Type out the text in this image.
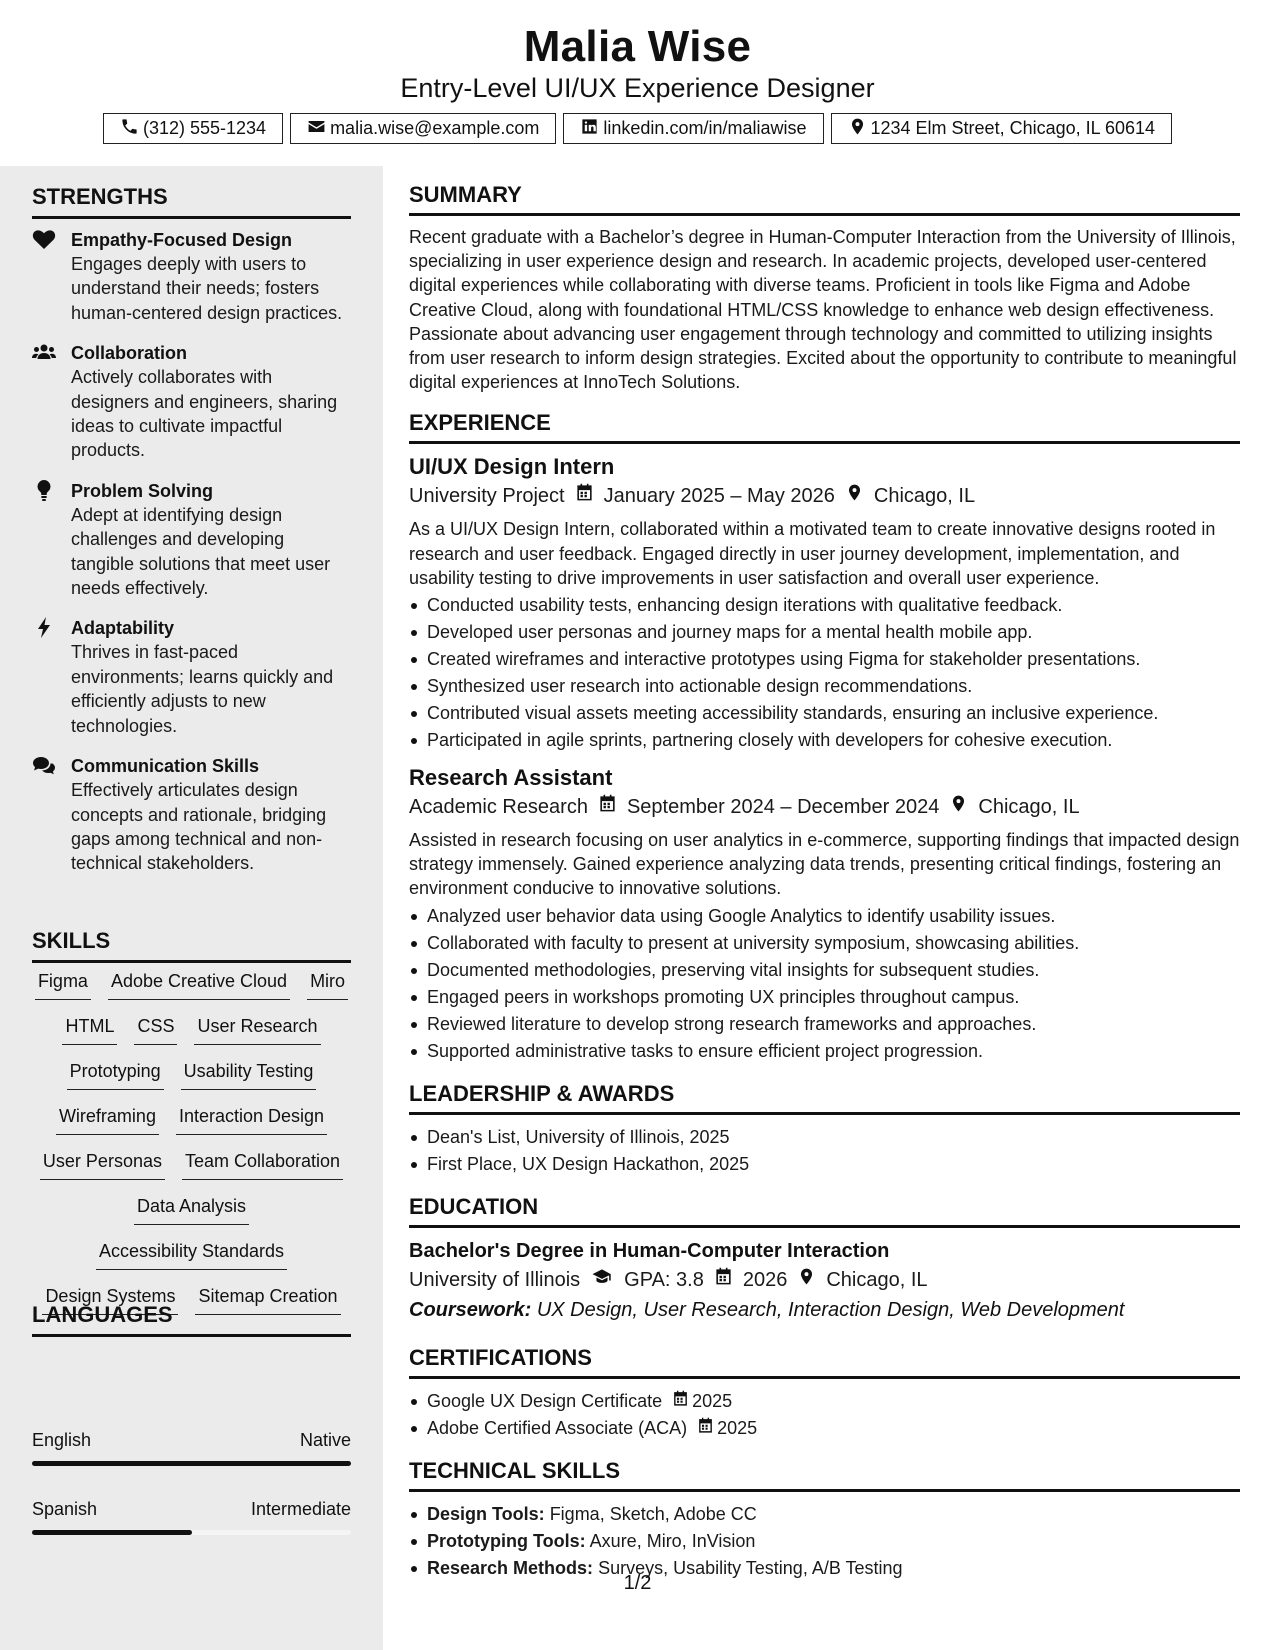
Malia Wise
Entry-Level UI/UX Experience Designer
(312) 555-1234	malia.wise@example.com	linkedin.com/in/maliawise	1234 Elm Street, Chicago, IL 60614
STRENGTHS
Empathy-Focused Design
Engages deeply with users to understand their needs; fosters human-centered design practices.
Collaboration
Actively collaborates with designers and engineers, sharing ideas to cultivate impactful products.
Problem Solving
Adept at identifying design challenges and developing tangible solutions that meet user needs effectively.
Adaptability
Thrives in fast-paced environments; learns quickly and efficiently adjusts to new technologies.
Communication Skills
Effectively articulates design concepts and rationale, bridging gaps among technical and non-technical stakeholders.
SKILLS
Figma Adobe Creative Cloud Miro
HTML CSS User Research
Prototyping Usability Testing
Wireframing Interaction Design
User Personas Team Collaboration
Data Analysis
Accessibility Standards
Design Systems Sitemap Creation
LANGUAGES
English	Native
Spanish	Intermediate
SUMMARY
Recent graduate with a Bachelor’s degree in Human-Computer Interaction from the University of Illinois, specializing in user experience design and research. In academic projects, developed user-centered digital experiences while collaborating with diverse teams. Proficient in tools like Figma and Adobe Creative Cloud, along with foundational HTML/CSS knowledge to enhance web design effectiveness. Passionate about advancing user engagement through technology and committed to utilizing insights from user research to inform design strategies. Excited about the opportunity to contribute to meaningful digital experiences at InnoTech Solutions.
EXPERIENCE
UI/UX Design Intern
University Project January 2025 – May 2026 Chicago, IL
As a UI/UX Design Intern, collaborated within a motivated team to create innovative designs rooted in research and user feedback. Engaged directly in user journey development, implementation, and usability testing to drive improvements in user satisfaction and overall user experience.
Conducted usability tests, enhancing design iterations with qualitative feedback.
Developed user personas and journey maps for a mental health mobile app.
Created wireframes and interactive prototypes using Figma for stakeholder presentations.
Synthesized user research into actionable design recommendations.
Contributed visual assets meeting accessibility standards, ensuring an inclusive experience.
Participated in agile sprints, partnering closely with developers for cohesive execution.
Research Assistant
Academic Research September 2024 – December 2024 Chicago, IL
Assisted in research focusing on user analytics in e-commerce, supporting findings that impacted design strategy immensely. Gained experience analyzing data trends, presenting critical findings, fostering an environment conducive to innovative solutions.
Analyzed user behavior data using Google Analytics to identify usability issues.
Collaborated with faculty to present at university symposium, showcasing abilities.
Documented methodologies, preserving vital insights for subsequent studies.
Engaged peers in workshops promoting UX principles throughout campus.
Reviewed literature to develop strong research frameworks and approaches.
Supported administrative tasks to ensure efficient project progression.
LEADERSHIP & AWARDS
Dean's List, University of Illinois, 2025
First Place, UX Design Hackathon, 2025
EDUCATION
Bachelor's Degree in Human-Computer Interaction
University of Illinois GPA: 3.8 2026 Chicago, IL
Coursework: UX Design, User Research, Interaction Design, Web Development
CERTIFICATIONS
Google UX Design Certificate 2025
Adobe Certified Associate (ACA) 2025
TECHNICAL SKILLS
Design Tools: Figma, Sketch, Adobe CC
Prototyping Tools: Axure, Miro, InVision
Research Methods: Surveys, Usability Testing, A/B Testing
1/2
